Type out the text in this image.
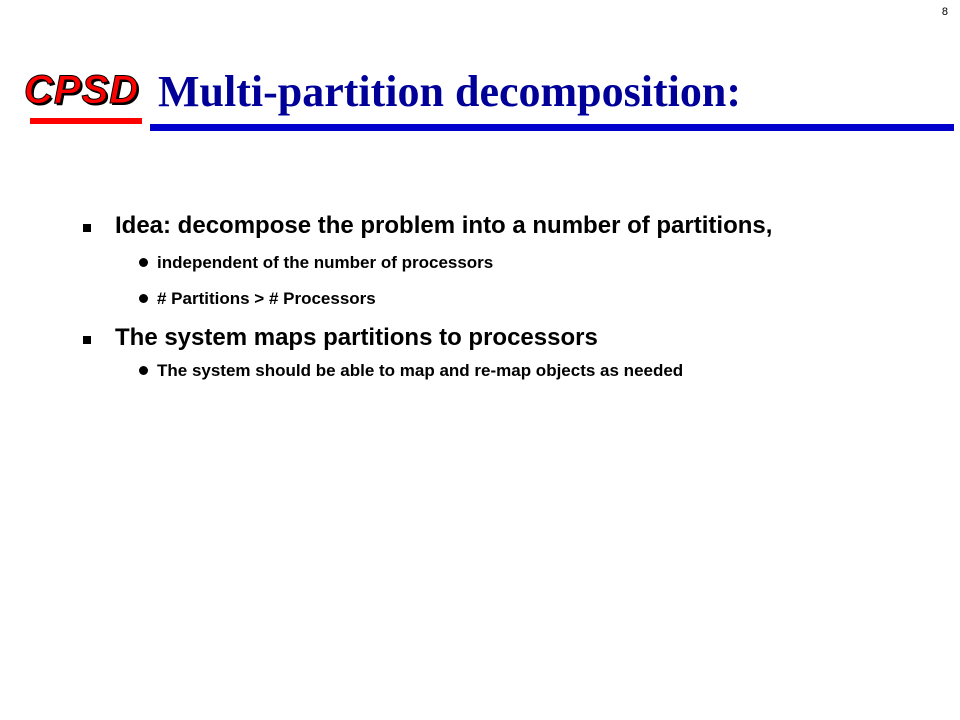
8
CPSD Multi-partition decomposition:
Idea: decompose the problem into a number of partitions,
independent of the number of processors
# Partitions > # Processors
The system maps partitions to processors
The system should be able to map and re-map objects as needed
